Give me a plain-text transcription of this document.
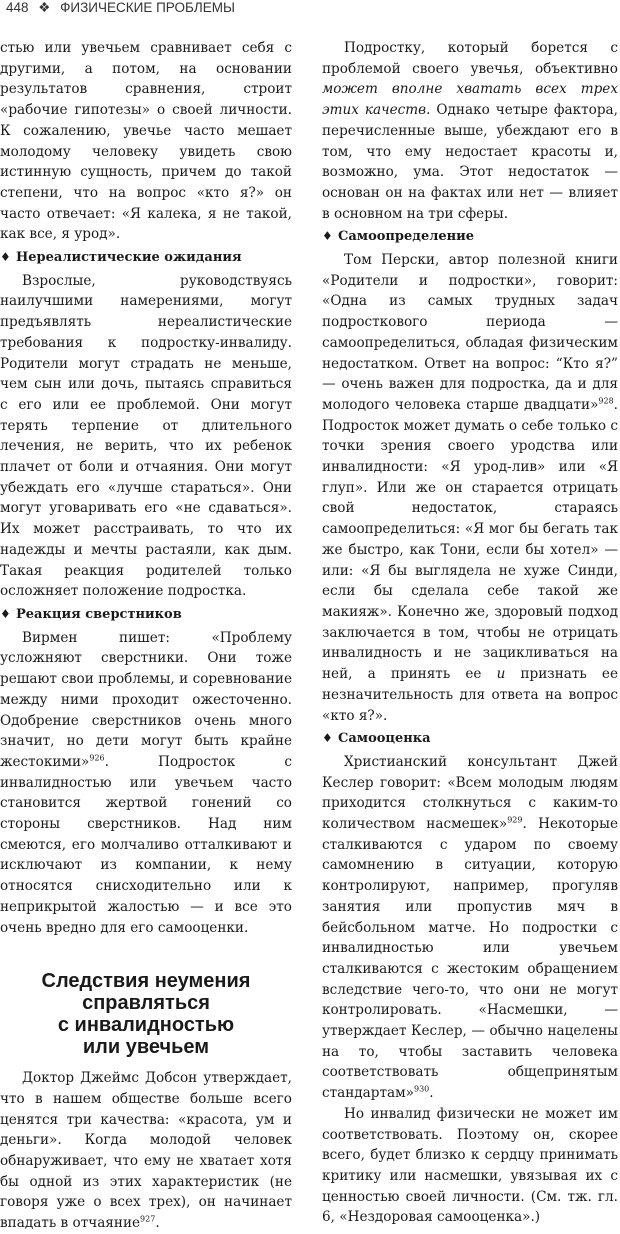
448 ❖ ФИЗИЧЕСКИЕ ПРОБЛЕМЫ

стью или увечьем сравнивает себя с другими, а потом, на основании результатов сравнения, строит «рабочие гипотезы» о своей личности. К сожалению, увечье часто мешает молодому человеку увидеть свою истинную сущность, причем до такой степени, что на вопрос «кто я?» он часто отвечает: «Я калека, я не такой, как все, я урод».

♦ Нереалистические ожидания

Взрослые, руководствуясь наилучшими намерениями, могут предъявлять нереалистические требования к подростку-инвалиду. Родители могут страдать не меньше, чем сын или дочь, пытаясь справиться с его или ее проблемой. Они могут терять терпение от длительного лечения, не верить, что их ребенок плачет от боли и отчаяния. Они могут убеждать его «лучше стараться». Они могут уговаривать его «не сдаваться». Их может расстраивать, то что их надежды и мечты растаяли, как дым. Такая реакция родителей только осложняет положение подростка.

♦ Реакция сверстников

Вирмен пишет: «Проблему усложняют сверстники. Они тоже решают свои проблемы, и соревнование между ними проходит ожесточенно. Одобрение сверстников очень много значит, но дети могут быть крайне жестокими»$^{926}$. Подросток с инвалидностью или увечьем часто становится жертвой гонений со стороны сверстников. Над ним смеются, его молчаливо отталкивают и исключают из компании, к нему относятся снисходительно или к неприкрытой жалостью — и все это очень вредно для его самооценки.

Следствия неумения
справляться
с инвалидностью
или увечьем

Доктор Джеймс Добсон утверждает, что в нашем обществе больше всего ценятся три качества: «красота, ум и деньги». Когда молодой человек обнаруживает, что ему не хватает хотя бы одной из этих характеристик (не говоря уже о всех трех), он начинает впадать в отчаяние$^{927}$.

Подростку, который борется с проблемой своего увечья, объективно может вполне хватать всех трех этих качеств. Однако четыре фактора, перечисленные выше, убеждают его в том, что ему недостает красоты и, возможно, ума. Этот недостаток — основан он на фактах или нет — влияет в основном на три сферы.

♦ Самоопределение

Том Перски, автор полезной книги «Родители и подростки», говорит: «Одна из самых трудных задач подросткового периода — самоопределиться, обладая физическим недостатком. Ответ на вопрос: “Кто я?” — очень важен для подростка, да и для молодого человека старше двадцати»$^{928}$. Подросток может думать о себе только с точки зрения своего уродства или инвалидности: «Я урод-лив» или «Я глуп». Или же он старается отрицать свой недостаток, стараясь самоопределиться: «Я мог бы бегать так же быстро, как Тони, если бы хотел» — или: «Я бы выглядела не хуже Синди, если бы сделала себе такой же макияж». Конечно же, здоровый подход заключается в том, чтобы не отрицать инвалидность и не зацикливаться на ней, а принять ее и признать ее незначительность для ответа на вопрос «кто я?».

♦ Самооценка

Христианский консультант Джей Кеслер говорит: «Всем молодым людям приходится столкнуться с каким-то количеством насмешек»$^{929}$. Некоторые сталкиваются с ударом по своему самомнению в ситуации, которую контролируют, например, прогуляв занятия или пропустив мяч в бейсбольном матче. Но подростки с инвалидностью или увечьем сталкиваются с жестоким обращением вследствие чего-то, что они не могут контролировать. «Насмешки, — утверждает Кеслер, — обычно нацелены на то, чтобы заставить человека соответствовать общепринятым стандартам»$^{930}$.

Но инвалид физически не может им соответствовать. Поэтому он, скорее всего, будет близко к сердцу принимать критику или насмешки, увязывая их с ценностью своей личности. (См. тж. гл. 6, «Нездоровая самооценка».)
